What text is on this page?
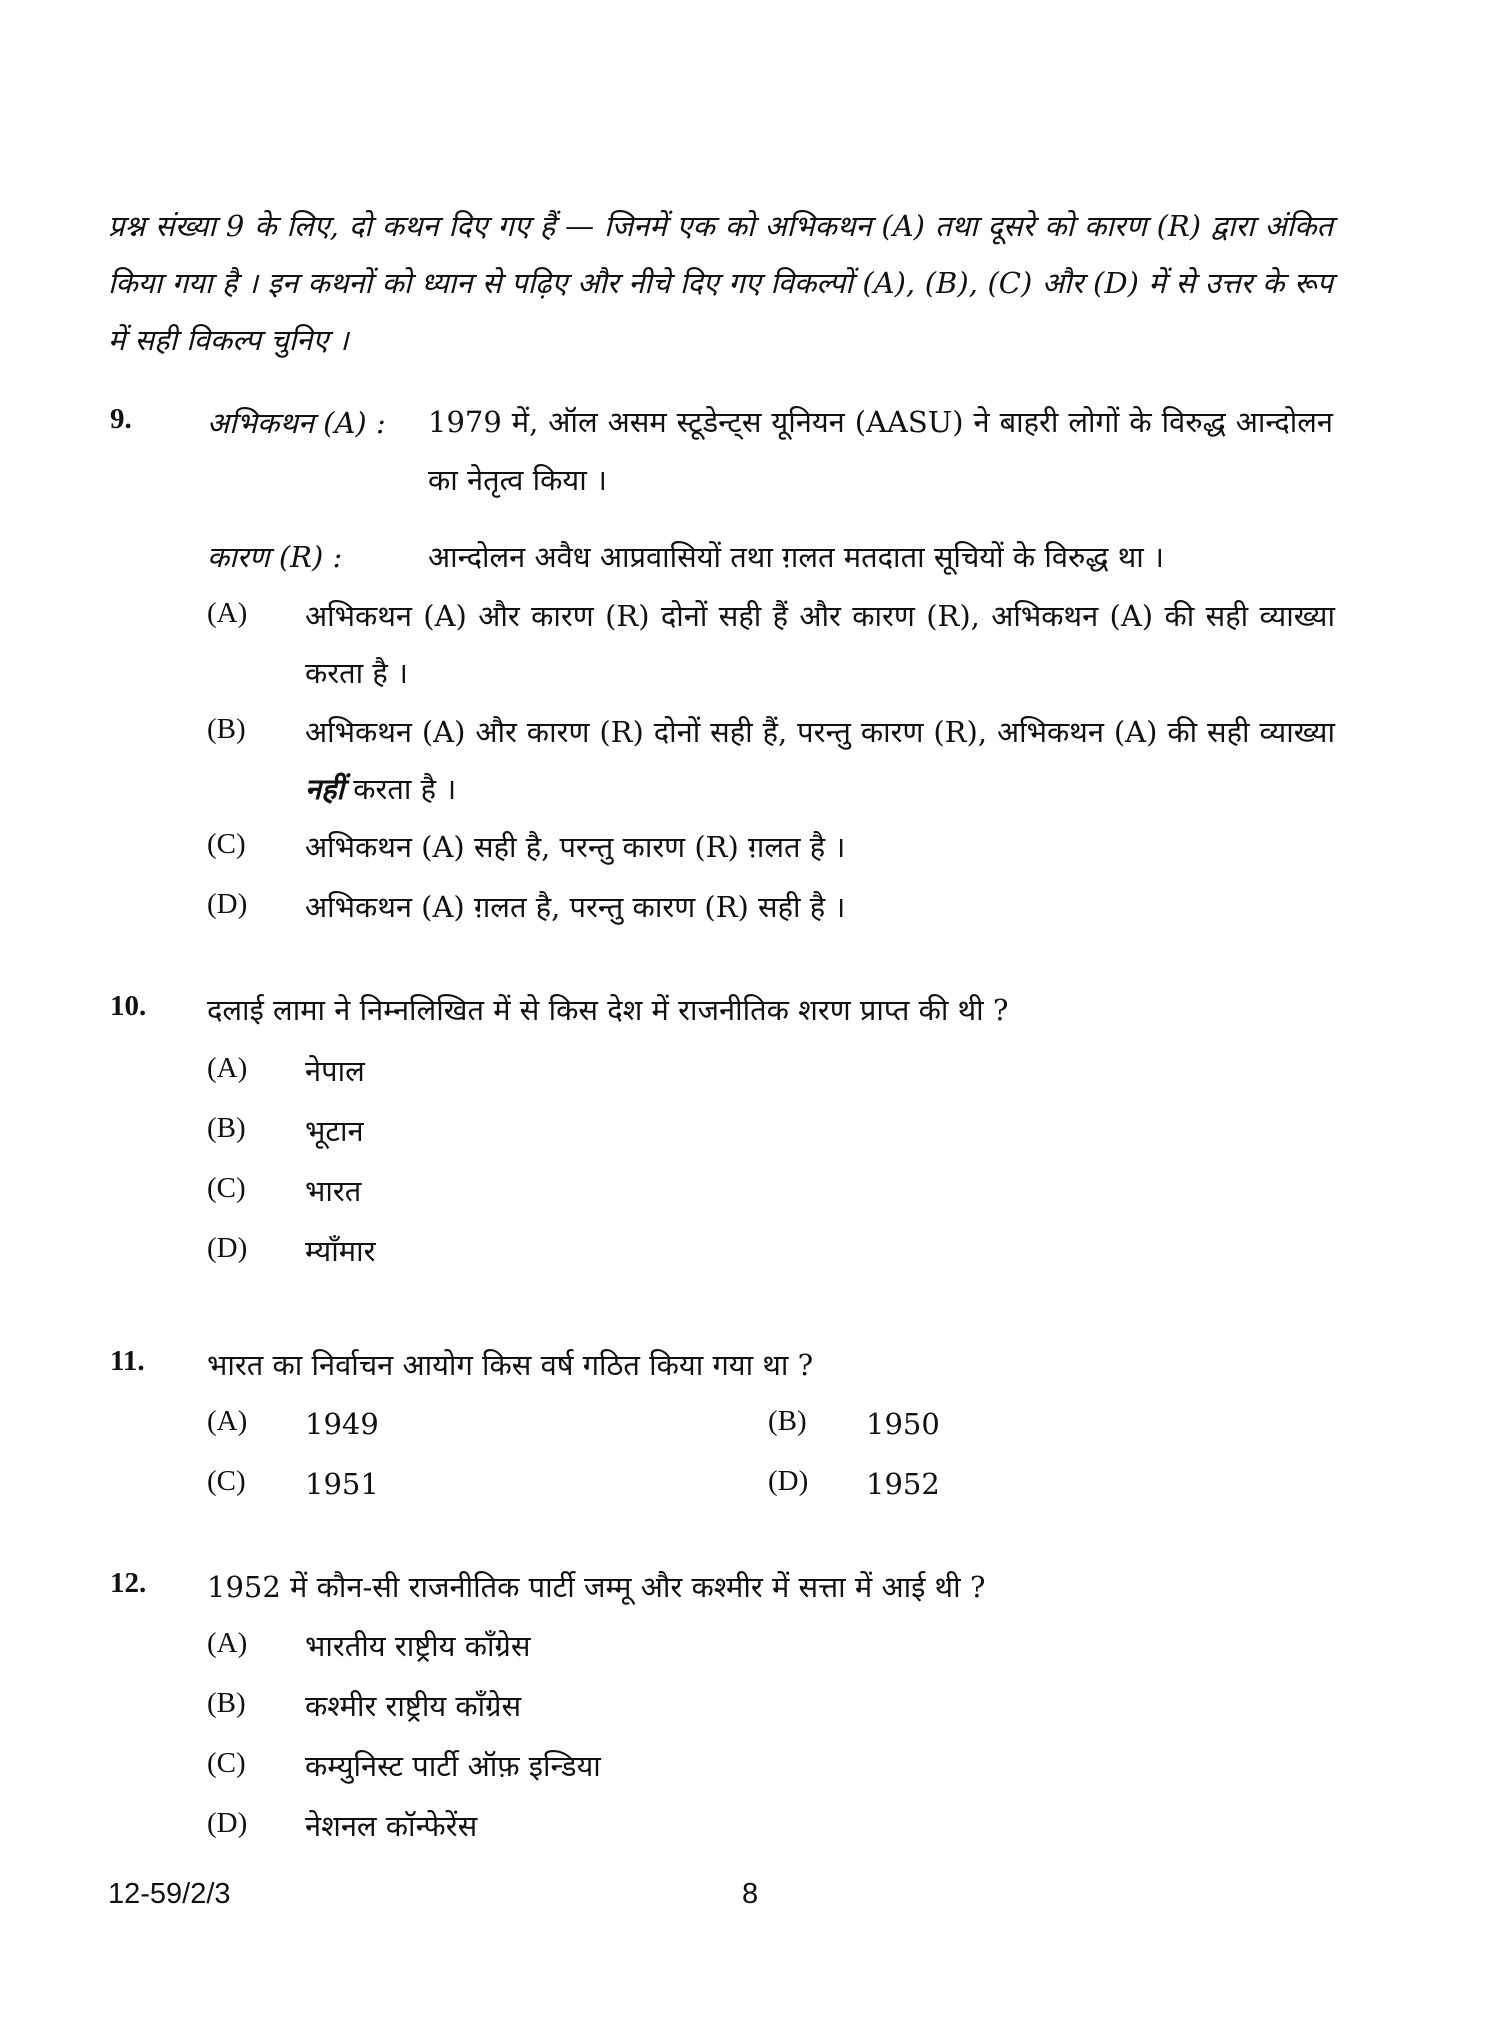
प्रश्न संख्या 9 के लिए, दो कथन दिए गए हैं — जिनमें एक को अभिकथन (A) तथा दूसरे को कारण (R) द्वारा अंकित किया गया है । इन कथनों को ध्यान से पढ़िए और नीचे दिए गए विकल्पों (A), (B), (C) और (D) में से उत्तर के रूप में सही विकल्प चुनिए ।
9.	अभिकथन (A) : 1979 में, ऑल असम स्टूडेन्ट्स यूनियन (AASU) ने बाहरी लोगों के विरुद्ध आन्दोलन का नेतृत्व किया ।
कारण (R) :	आन्दोलन अवैध आप्रवासियों तथा ग़लत मतदाता सूचियों के विरुद्ध था ।
(A) अभिकथन (A) और कारण (R) दोनों सही हैं और कारण (R), अभिकथन (A) की सही व्याख्या करता है ।
(B) अभिकथन (A) और कारण (R) दोनों सही हैं, परन्तु कारण (R), अभिकथन (A) की सही व्याख्या नहीं करता है ।
(C) अभिकथन (A) सही है, परन्तु कारण (R) ग़लत है ।
(D) अभिकथन (A) ग़लत है, परन्तु कारण (R) सही है ।
10. दलाई लामा ने निम्नलिखित में से किस देश में राजनीतिक शरण प्राप्त की थी ?
(A) नेपाल
(B) भूटान
(C) भारत
(D) म्याँमार
11. भारत का निर्वाचन आयोग किस वर्ष गठित किया गया था ?
(A) 1949	(B) 1950
(C) 1951	(D) 1952
12. 1952 में कौन-सी राजनीतिक पार्टी जम्मू और कश्मीर में सत्ता में आई थी ?
(A) भारतीय राष्ट्रीय कॉंग्रेस
(B) कश्मीर राष्ट्रीय कॉंग्रेस
(C) कम्युनिस्ट पार्टी ऑफ़ इन्डिया
(D) नेशनल कॉन्फेरेंस
12-59/2/3	8
